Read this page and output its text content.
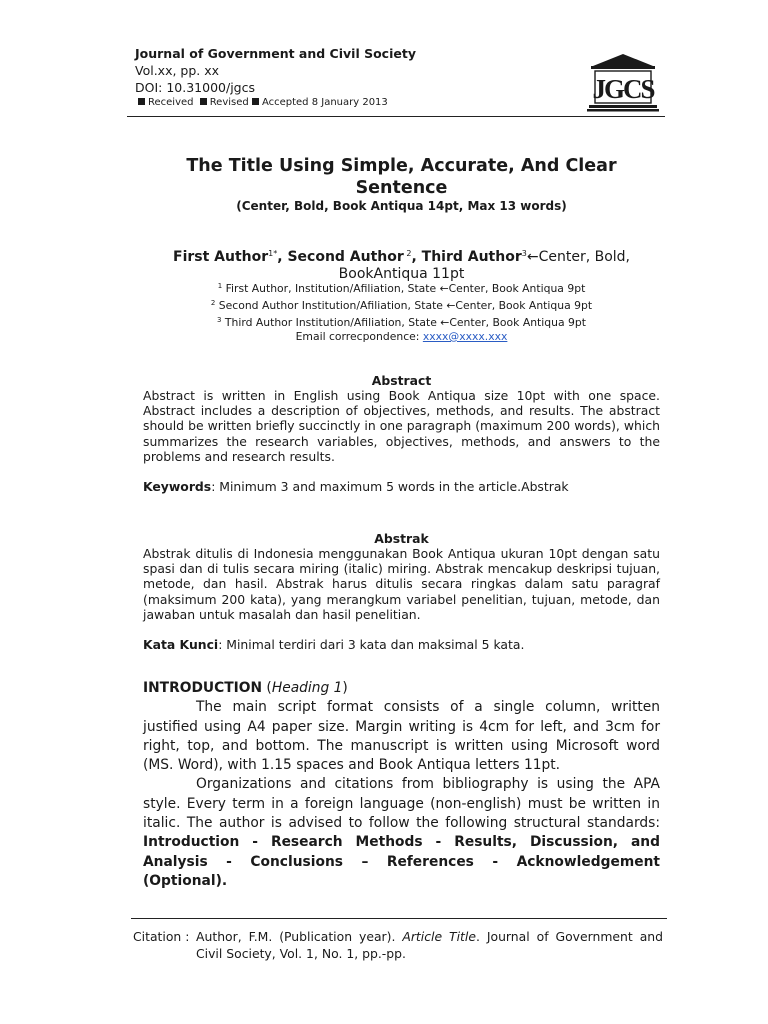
Journal of Government and Civil Society
Vol.xx, pp. xx
DOI: 10.31000/jgcs
Received Revised Accepted 8 January 2013	JGCS
The Title Using Simple, Accurate, And Clear Sentence
(Center, Bold, Book Antiqua 14pt, Max 13 words)
First Author$^{1*}$, Second Author $^2$, Third Author$^3$←Center, Bold, BookAntiqua 11pt
$^1$ First Author, Institution/Afiliation, State ←Center, Book Antiqua 9pt
$^2$ Second Author Institution/Afiliation, State ←Center, Book Antiqua 9pt
$^3$ Third Author Institution/Afiliation, State ←Center, Book Antiqua 9pt
Email correcpondence: xxxx@xxxx.xxx
Abstract
Abstract is written in English using Book Antiqua size 10pt with one space. Abstract includes a description of objectives, methods, and results. The abstract should be written briefly succinctly in one paragraph (maximum 200 words), which summarizes the research variables, objectives, methods, and answers to the problems and research results.
Keywords: Minimum 3 and maximum 5 words in the article.Abstrak
Abstrak
Abstrak ditulis di Indonesia menggunakan Book Antiqua ukuran 10pt dengan satu spasi dan di tulis secara miring (italic) miring. Abstrak mencakup deskripsi tujuan, metode, dan hasil. Abstrak harus ditulis secara ringkas dalam satu paragraf (maksimum 200 kata), yang merangkum variabel penelitian, tujuan, metode, dan jawaban untuk masalah dan hasil penelitian.
Kata Kunci: Minimal terdiri dari 3 kata dan maksimal 5 kata.
INTRODUCTION (Heading 1)
The main script format consists of a single column, written justified using A4 paper size. Margin writing is 4cm for left, and 3cm for right, top, and bottom. The manuscript is written using Microsoft word (MS. Word), with 1.15 spaces and Book Antiqua letters 11pt.
Organizations and citations from bibliography is using the APA style. Every term in a foreign language (non-english) must be written in italic. The author is advised to follow the following structural standards: Introduction - Research Methods - Results, Discussion, and Analysis - Conclusions – References - Acknowledgement (Optional).
Citation : Author, F.M. (Publication year). Article Title. Journal of Government and Civil Society, Vol. 1, No. 1, pp.-pp.
